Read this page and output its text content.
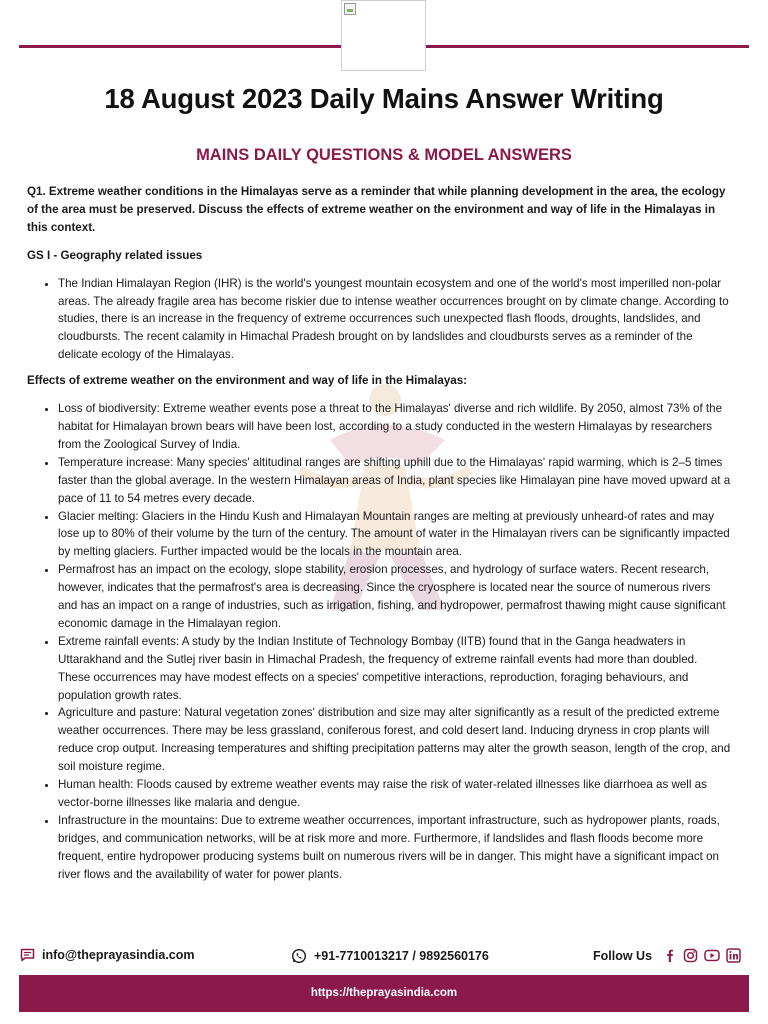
18 August 2023 Daily Mains Answer Writing
MAINS DAILY QUESTIONS & MODEL ANSWERS

Q1. Extreme weather conditions in the Himalayas serve as a reminder that while planning development in the area, the ecology of the area must be preserved. Discuss the effects of extreme weather on the environment and way of life in the Himalayas in this context.

GS I - Geography related issues

• The Indian Himalayan Region (IHR) is the world's youngest mountain ecosystem and one of the world's most imperilled non-polar areas. The already fragile area has become riskier due to intense weather occurrences brought on by climate change. According to studies, there is an increase in the frequency of extreme occurrences such unexpected flash floods, droughts, landslides, and cloudbursts. The recent calamity in Himachal Pradesh brought on by landslides and cloudbursts serves as a reminder of the delicate ecology of the Himalayas.

Effects of extreme weather on the environment and way of life in the Himalayas:

• Loss of biodiversity: Extreme weather events pose a threat to the Himalayas' diverse and rich wildlife. By 2050, almost 73% of the habitat for Himalayan brown bears will have been lost, according to a study conducted in the western Himalayas by researchers from the Zoological Survey of India.
• Temperature increase: Many species' altitudinal ranges are shifting uphill due to the Himalayas' rapid warming, which is 2–5 times faster than the global average. In the western Himalayan areas of India, plant species like Himalayan pine have moved upward at a pace of 11 to 54 metres every decade.
• Glacier melting: Glaciers in the Hindu Kush and Himalayan Mountain ranges are melting at previously unheard-of rates and may lose up to 80% of their volume by the turn of the century. The amount of water in the Himalayan rivers can be significantly impacted by melting glaciers. Further impacted would be the locals in the mountain area.
• Permafrost has an impact on the ecology, slope stability, erosion processes, and hydrology of surface waters. Recent research, however, indicates that the permafrost's area is decreasing. Since the cryosphere is located near the source of numerous rivers and has an impact on a range of industries, such as irrigation, fishing, and hydropower, permafrost thawing might cause significant economic damage in the Himalayan region.
• Extreme rainfall events: A study by the Indian Institute of Technology Bombay (IITB) found that in the Ganga headwaters in Uttarakhand and the Sutlej river basin in Himachal Pradesh, the frequency of extreme rainfall events had more than doubled. These occurrences may have modest effects on a species' competitive interactions, reproduction, foraging behaviours, and population growth rates.
• Agriculture and pasture: Natural vegetation zones' distribution and size may alter significantly as a result of the predicted extreme weather occurrences. There may be less grassland, coniferous forest, and cold desert land. Inducing dryness in crop plants will reduce crop output. Increasing temperatures and shifting precipitation patterns may alter the growth season, length of the crop, and soil moisture regime.
• Human health: Floods caused by extreme weather events may raise the risk of water-related illnesses like diarrhoea as well as vector-borne illnesses like malaria and dengue.
• Infrastructure in the mountains: Due to extreme weather occurrences, important infrastructure, such as hydropower plants, roads, bridges, and communication networks, will be at risk more and more. Furthermore, if landslides and flash floods become more frequent, entire hydropower producing systems built on numerous rivers will be in danger. This might have a significant impact on river flows and the availability of water for power plants.
info@theprayasindia.com	+91-7710013217 / 9892560176	Follow Us
https://theprayasindia.com
